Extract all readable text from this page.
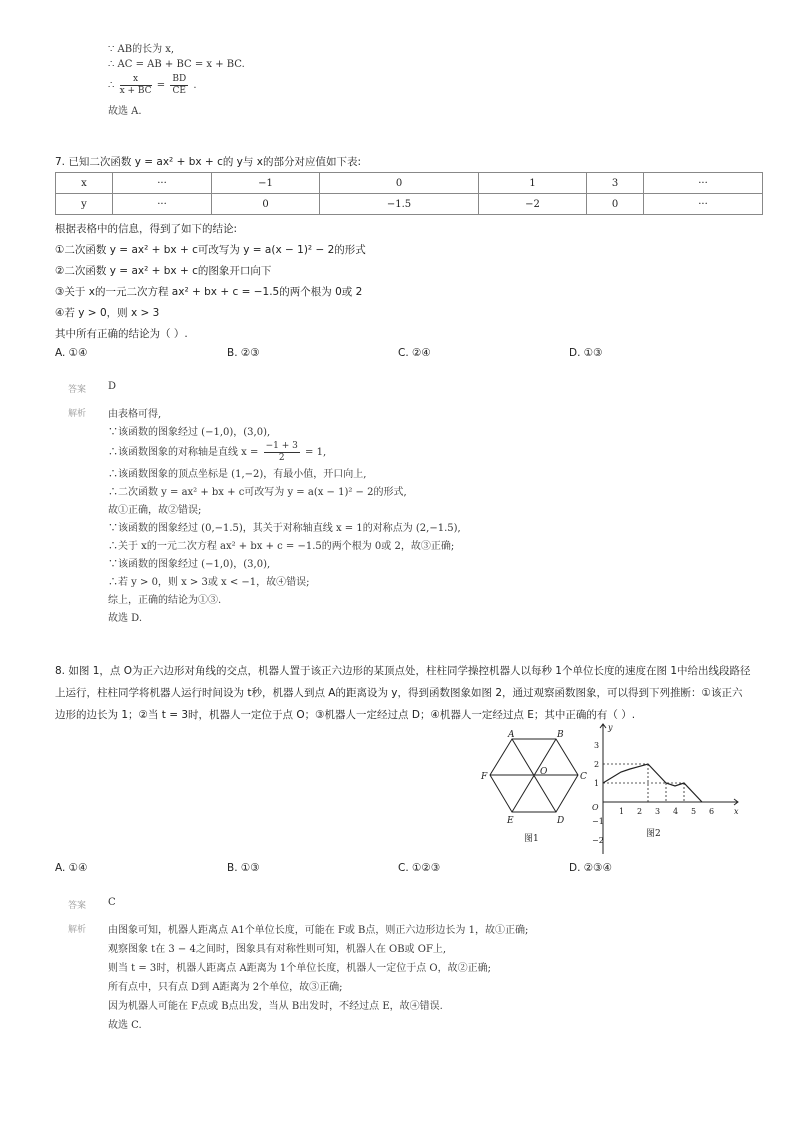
∵ AB的长为 x,
∴ AC = AB + BC = x + BC.
∴ $\frac{x}{x + BC} = \frac{BD}{CE}$ .
故选 A.
7. 已知二次函数 y = ax² + bx + c的 y与 x的部分对应值如下表:
x	···	−1	0	1	3	···
y	···	0	−1.5	−2	0	···
根据表格中的信息，得到了如下的结论:
①二次函数 y = ax² + bx + c可改写为 y = a(x − 1)² − 2的形式
②二次函数 y = ax² + bx + c的图象开口向下
③关于 x的一元二次方程 ax² + bx + c = −1.5的两个根为 0或 2
④若 y > 0，则 x > 3
其中所有正确的结论为（ ）.
A. ①④	B. ②③	C. ②④	D. ①③
答案 D
解析 由表格可得,
∵该函数的图象经过 (−1,0)，(3,0),
∴该函数图象的对称轴是直线 $x = \frac{-1 + 3}{2} = 1$,
∴该函数图象的顶点坐标是 (1,−2)，有最小值，开口向上,
∴二次函数 y = ax² + bx + c可改写为 y = a(x − 1)² − 2的形式,
故①正确，故②错误;
∵该函数的图象经过 (0,−1.5)，其关于对称轴直线 x = 1的对称点为 (2,−1.5),
∴关于 x的一元二次方程 ax² + bx + c = −1.5的两个根为 0或 2，故③正确;
∵该函数的图象经过 (−1,0)，(3,0),
∴若 y > 0，则 x > 3或 x < −1，故④错误;
综上，正确的结论为①③.
故选 D.
8. 如图 1，点 O为正六边形对角线的交点，机器人置于该正六边形的某顶点处，柱柱同学操控机器人以每秒 1个单位长度的速度在图 1中给出线段路径
上运行，柱柱同学将机器人运行时间设为 t秒，机器人到点 A的距离设为 y，得到函数图象如图 2，通过观察函数图象，可以得到下列推断：①该正六
边形的边长为 1；②当 t = 3时，机器人一定位于点 O；③机器人一定经过点 D；④机器人一定经过点 E；其中正确的有（ ）.
A	B
C
D
E
F	O
图1
O
y
x
1 2 3 4 5 6
3
2
1
−1
−2
图2
A. ①④	B. ①③	C. ①②③	D. ②③④
答案 C
解析 由图象可知，机器人距离点 A1个单位长度，可能在 F或 B点，则正六边形边长为 1，故①正确;
观察图象 t在 3 − 4之间时，图象具有对称性则可知，机器人在 OB或 OF上,
则当 t = 3时，机器人距离点 A距离为 1个单位长度，机器人一定位于点 O，故②正确;
所有点中，只有点 D到 A距离为 2个单位，故③正确;
因为机器人可能在 F点或 B点出发，当从 B出发时，不经过点 E，故④错误.
故选 C.
